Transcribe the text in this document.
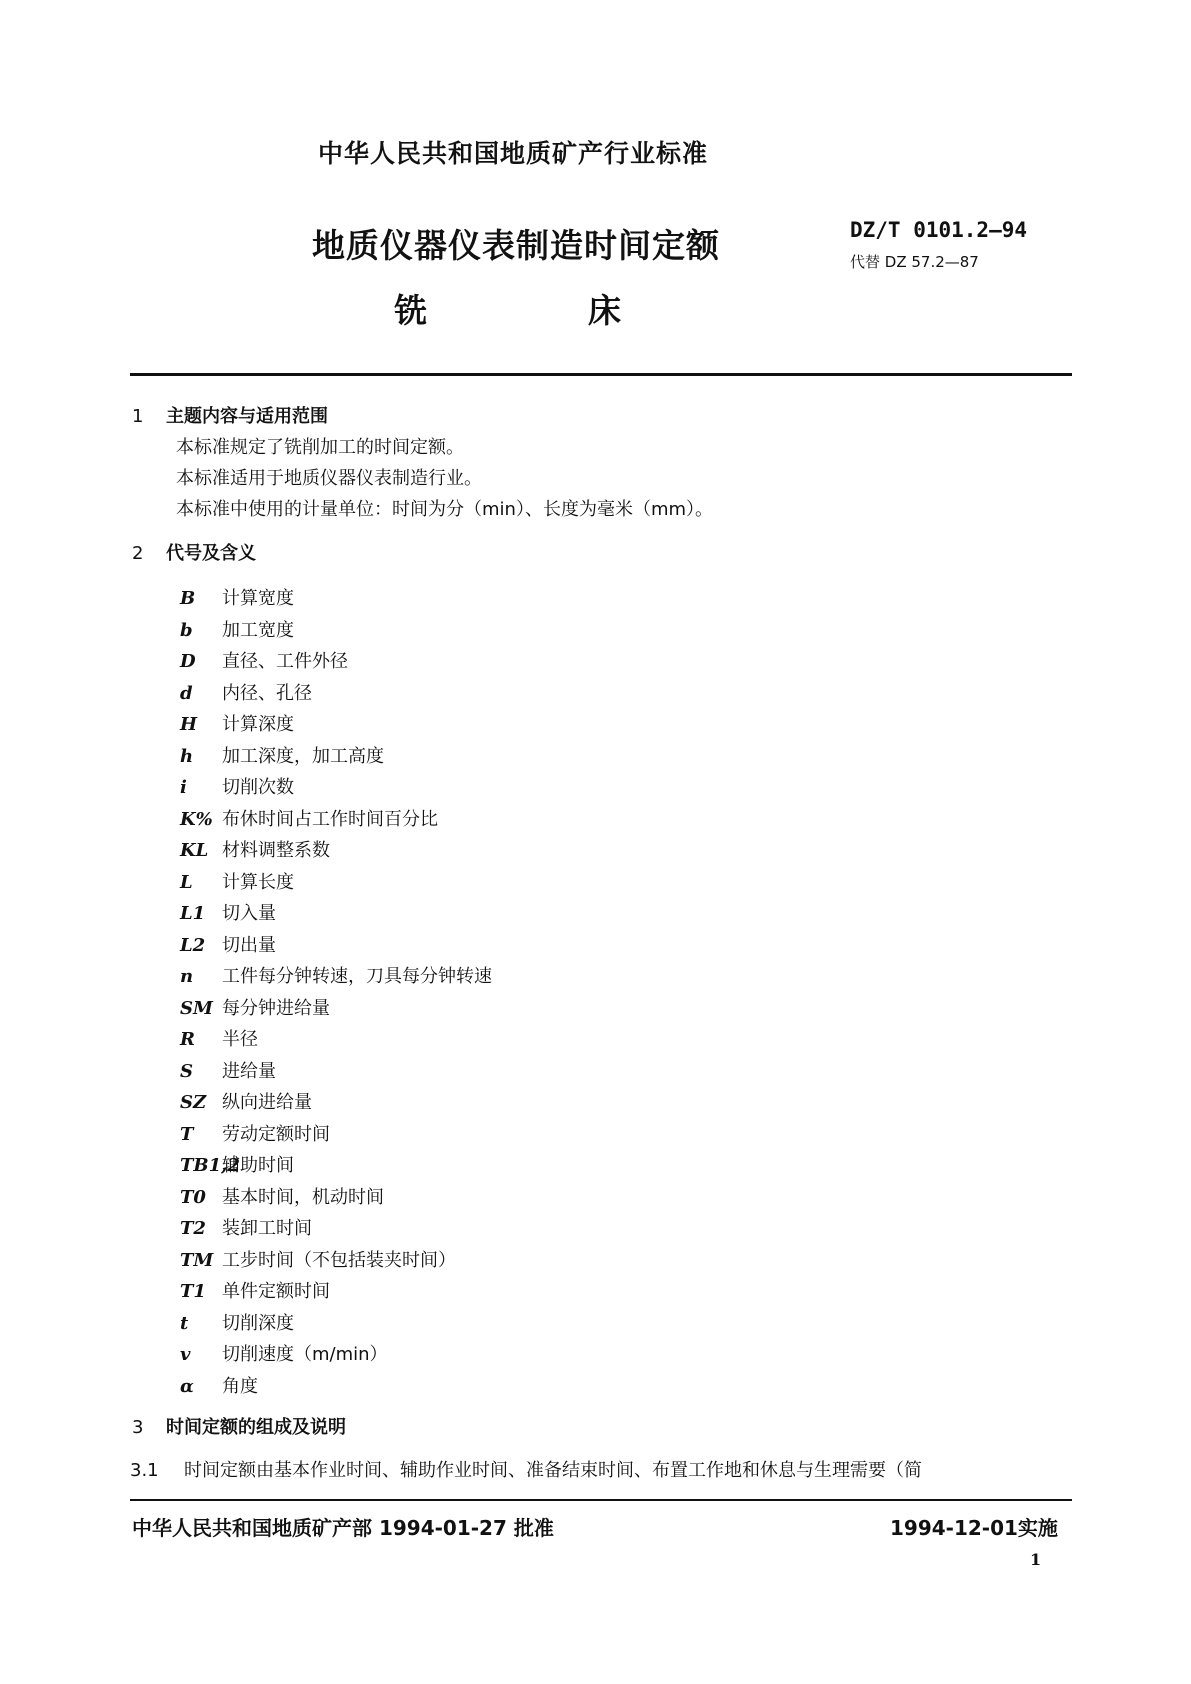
中华人民共和国地质矿产行业标准
地质仪器仪表制造时间定额
铣	床
DZ/T 0101.2—94
代替 DZ 57.2—87
1 主题内容与适用范围
本标准规定了铣削加工的时间定额。
本标准适用于地质仪器仪表制造行业。
本标准中使用的计量单位：时间为分（min）、长度为毫米（mm）。
2 代号及含义
B 计算宽度
b 加工宽度
D 直径、工件外径
d 内径、孔径
H 计算深度
h 加工深度，加工高度
i 切削次数
K% 布休时间占工作时间百分比
KL 材料调整系数
L 计算长度
L1 切入量
L2 切出量
n 工件每分钟转速，刀具每分钟转速
SM 每分钟进给量
R 半径
S 进给量
SZ 纵向进给量
T 劳动定额时间
TB1,2辅助时间
T0 基本时间，机动时间
T2 装卸工时间
TM 工步时间（不包括装夹时间）
T1 单件定额时间
t 切削深度
v 切削速度（m/min）
α 角度
3 时间定额的组成及说明
3.1 时间定额由基本作业时间、辅助作业时间、准备结束时间、布置工作地和休息与生理需要（简
中华人民共和国地质矿产部 1994-01-27 批准	1994-12-01实施
1
